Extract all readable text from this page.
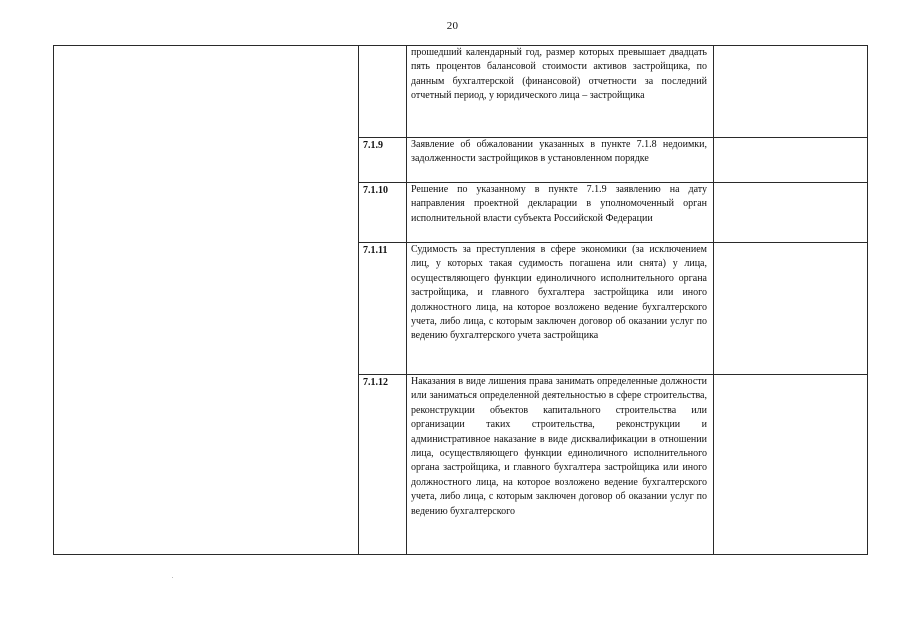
20

		прошедший календарный год, размер которых превышает двадцать пять процентов балансовой стоимости активов застройщика, по данным бухгалтерской (финансовой) отчетности за последний отчетный период, у юридического лица – застройщика	

	7.1.9	Заявление об обжаловании указанных в пункте 7.1.8 недоимки, задолженности застройщиков в установленном порядке	

	7.1.10	Решение по указанному в пункте 7.1.9 заявлению на дату направления проектной декларации в уполномоченный орган исполнительной власти субъекта Российской Федерации	

	7.1.11	Судимость за преступления в сфере экономики (за исключением лиц, у которых такая судимость погашена или снята) у лица, осуществляющего функции единоличного исполнительного органа застройщика, и главного бухгалтера застройщика или иного должностного лица, на которое возложено ведение бухгалтерского учета, либо лица, с которым заключен договор об оказании услуг по ведению бухгалтерского учета застройщика	

	7.1.12	Наказания в виде лишения права занимать определенные должности или заниматься определенной деятельностью в сфере строительства, реконструкции объектов капитального строительства или организации таких строительства, реконструкции и административное наказание в виде дисквалификации в отношении лица, осуществляющего функции единоличного исполнительного органа застройщика, и главного бухгалтера застройщика или иного должностного лица, на которое возложено ведение бухгалтерского учета, либо лица, с которым заключен договор об оказании услуг по ведению бухгалтерского	
